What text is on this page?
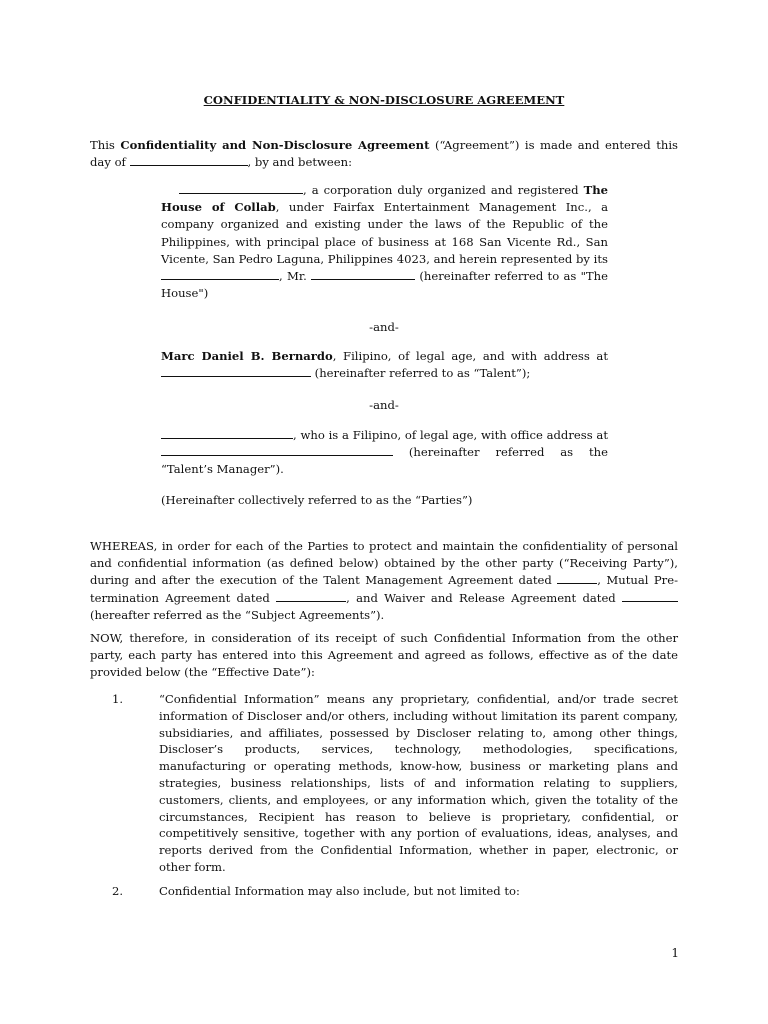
CONFIDENTIALITY & NON-DISCLOSURE AGREEMENT

This Confidentiality and Non-Disclosure Agreement (“Agreement”) is made and entered this day of	, by and between:

, a corporation duly organized and registered The House of Collab, under Fairfax Entertainment Management Inc., a company organized and existing under the laws of the Republic of the Philippines, with principal place of business at 168 San Vicente Rd., San Vicente, San Pedro Laguna, Philippines 4023, and herein represented by its , Mr.	(hereinafter referred to as "The House")

-and-

Marc Daniel B. Bernardo, Filipino, of legal age, and with address at  (hereinafter referred to as “Talent”);

-and-

, who is a Filipino, of legal age, with office address at  (hereinafter referred as the “Talent’s Manager”).

(Hereinafter collectively referred to as the “Parties”)

WHEREAS, in order for each of the Parties to protect and maintain the confidentiality of personal and confidential information (as defined below) obtained by the other party (“Receiving Party”), during and after the execution of the Talent Management Agreement dated	, Mutual Pre-termination Agreement dated	, and Waiver and Release Agreement dated  (hereafter referred as the “Subject Agreements”).

NOW, therefore, in consideration of its receipt of such Confidential Information from the other party, each party has entered into this Agreement and agreed as follows, effective as of the date provided below (the “Effective Date”):

1.	“Confidential Information” means any proprietary, confidential, and/or trade secret information of Discloser and/or others, including without limitation its parent company, subsidiaries, and affiliates, possessed by Discloser relating to, among other things, Discloser’s products, services, technology, methodologies, specifications, manufacturing or operating methods, know-how, business or marketing plans and strategies, business relationships, lists of and information relating to suppliers, customers, clients, and employees, or any information which, given the totality of the circumstances, Recipient has reason to believe is proprietary, confidential, or competitively sensitive, together with any portion of evaluations, ideas, analyses, and reports derived from the Confidential Information, whether in paper, electronic, or other form.

2.	Confidential Information may also include, but not limited to:

1
